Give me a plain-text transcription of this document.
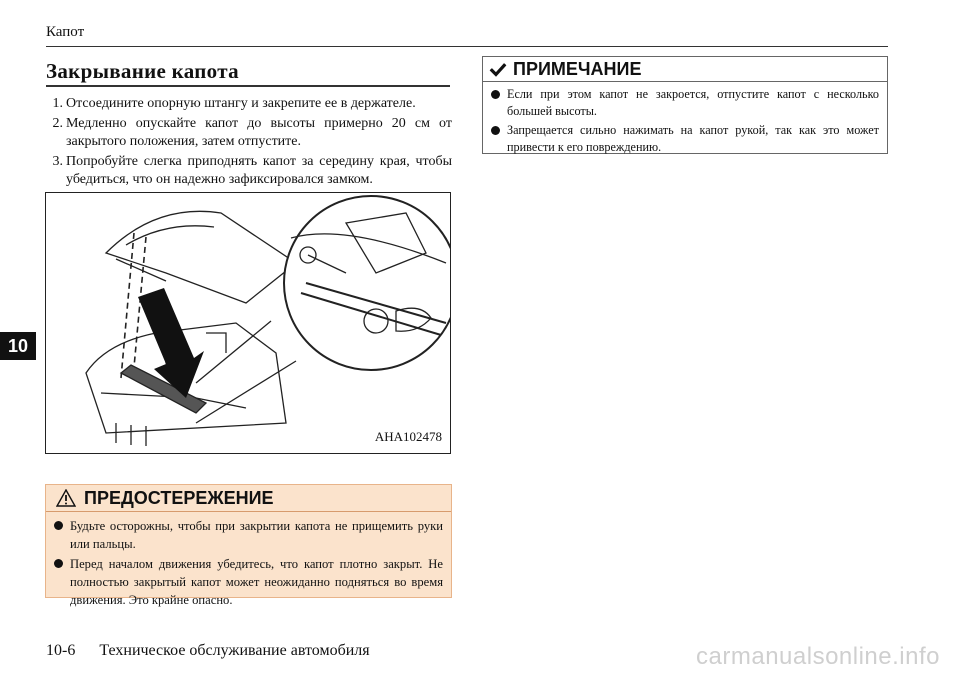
Капот
10
Закрывание капота
1. Отсоедините опорную штангу и закрепите ее в держателе.
2. Медленно опускайте капот до высоты примерно 20 см от закрытого положения, затем отпустите.
3. Попробуйте слегка приподнять капот за середину края, чтобы убедиться, что он надежно зафиксировался замком.
AHA102478
ПРИМЕЧАНИЕ
Если при этом капот не закроется, отпустите капот с несколько большей высоты.
Запрещается сильно нажимать на капот рукой, так как это может привести к его повреждению.
ПРЕДОСТЕРЕЖЕНИЕ
Будьте осторожны, чтобы при закрытии капота не прищемить руки или пальцы.
Перед началом движения убедитесь, что капот плотно закрыт. Не полностью закрытый капот может неожиданно подняться во время движения. Это крайне опасно.
10-6 Техническое обслуживание автомобиля	carmanualsonline.info
